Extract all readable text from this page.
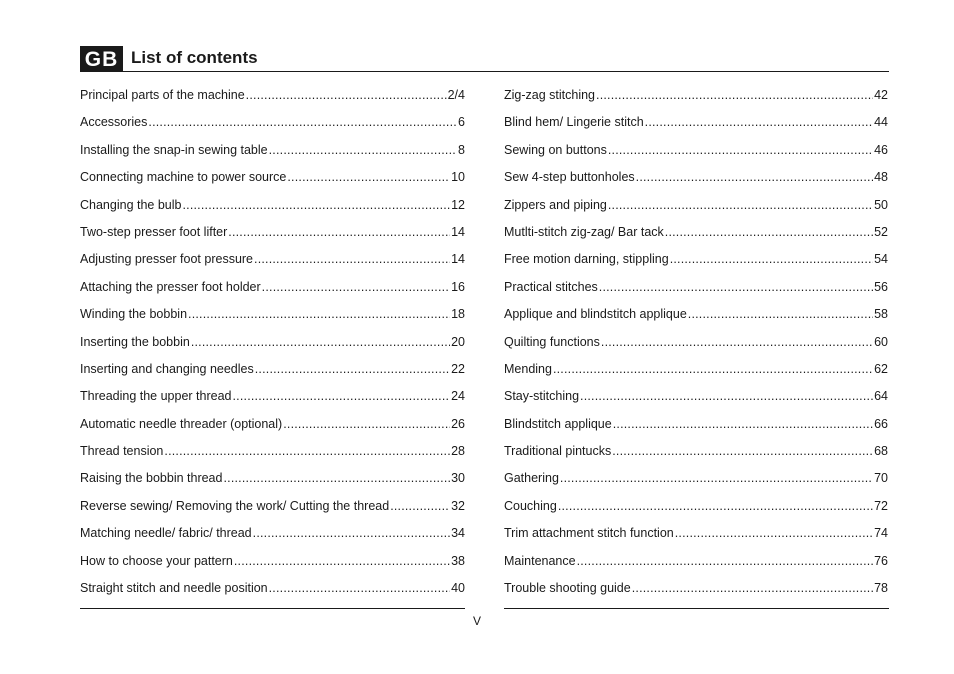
GB List of contents
Principal parts of the machine .....	2/4
Accessories .....	6
Installing the snap-in sewing table .....	8
Connecting machine to power source .....	10
Changing the bulb .....	12
Two-step presser foot lifter .....	14
Adjusting presser foot pressure .....	14
Attaching the presser foot holder .....	16
Winding the bobbin .....	18
Inserting the bobbin .....	20
Inserting and changing needles .....	22
Threading the upper thread .....	24
Automatic needle threader (optional) .....	26
Thread tension .....	28
Raising the bobbin thread .....	30
Reverse sewing/ Removing the work/ Cutting the thread .....	32
Matching needle/ fabric/ thread .....	34
How to choose your pattern .....	38
Straight stitch and needle position .....	40
Zig-zag stitching .....	42
Blind hem/ Lingerie stitch .....	44
Sewing on buttons .....	46
Sew 4-step buttonholes .....	48
Zippers and piping .....	50
Mutlti-stitch zig-zag/ Bar tack .....	52
Free motion darning, stippling .....	54
Practical stitches .....	56
Applique and blindstitch applique .....	58
Quilting functions .....	60
Mending .....	62
Stay-stitching .....	64
Blindstitch applique .....	66
Traditional pintucks .....	68
Gathering .....	70
Couching .....	72
Trim attachment stitch function .....	74
Maintenance .....	76
Trouble shooting guide .....	78
V
